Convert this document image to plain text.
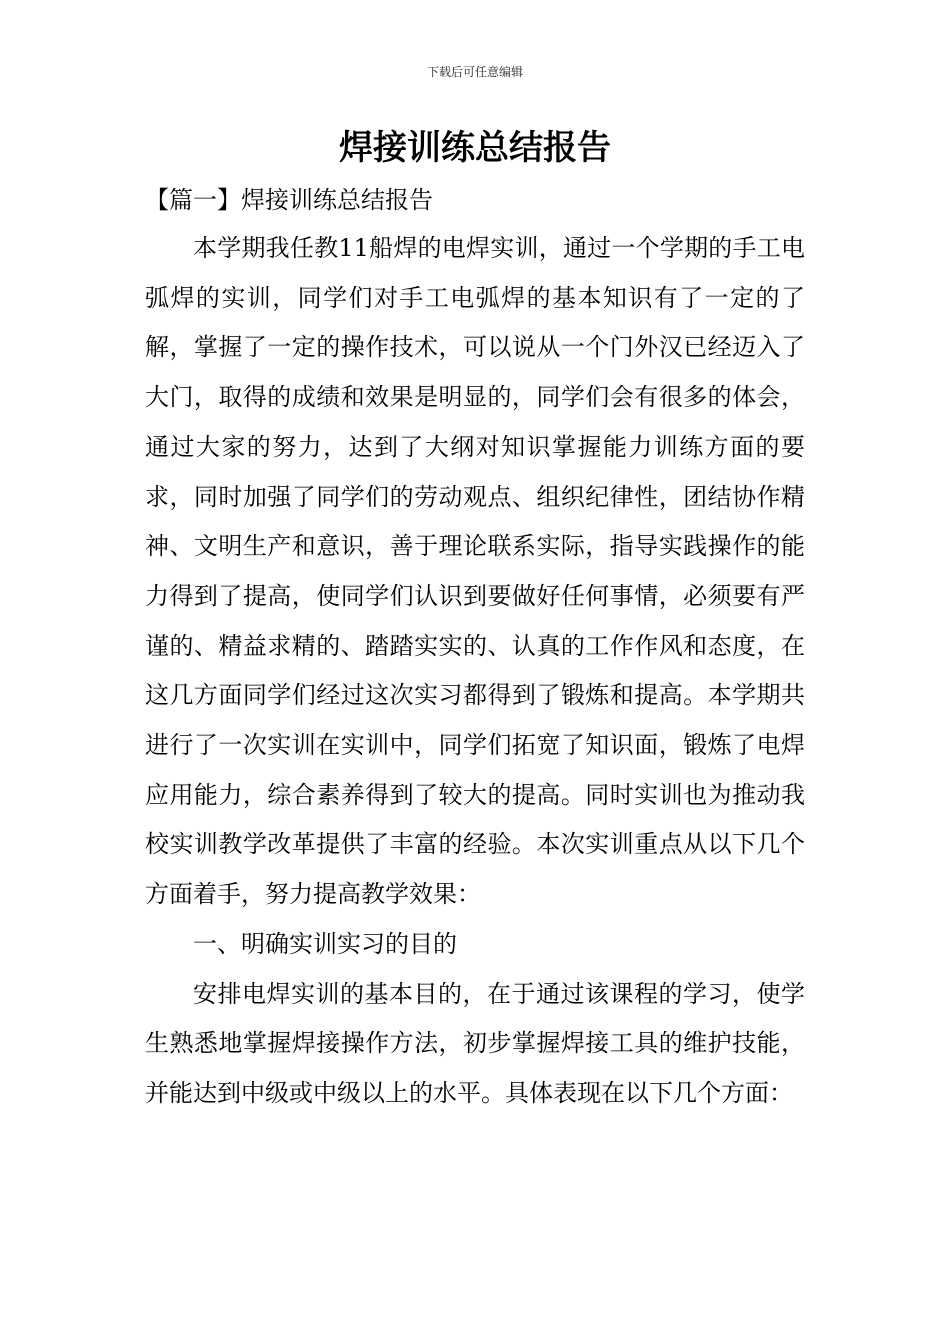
下载后可任意编辑
焊接训练总结报告

【篇一】焊接训练总结报告

本学期我任教11船焊的电焊实训，通过一个学期的手工电弧焊的实训，同学们对手工电弧焊的基本知识有了一定的了解，掌握了一定的操作技术，可以说从一个门外汉已经迈入了大门，取得的成绩和效果是明显的，同学们会有很多的体会，通过大家的努力，达到了大纲对知识掌握能力训练方面的要求，同时加强了同学们的劳动观点、组织纪律性，团结协作精神、文明生产和意识，善于理论联系实际，指导实践操作的能力得到了提高，使同学们认识到要做好任何事情，必须要有严谨的、精益求精的、踏踏实实的、认真的工作作风和态度，在这几方面同学们经过这次实习都得到了锻炼和提高。本学期共进行了一次实训在实训中，同学们拓宽了知识面，锻炼了电焊应用能力，综合素养得到了较大的提高。同时实训也为推动我校实训教学改革提供了丰富的经验。本次实训重点从以下几个方面着手，努力提高教学效果：

一、明确实训实习的目的

安排电焊实训的基本目的，在于通过该课程的学习，使学生熟悉地掌握焊接操作方法，初步掌握焊接工具的维护技能，并能达到中级或中级以上的水平。具体表现在以下几个方面：
